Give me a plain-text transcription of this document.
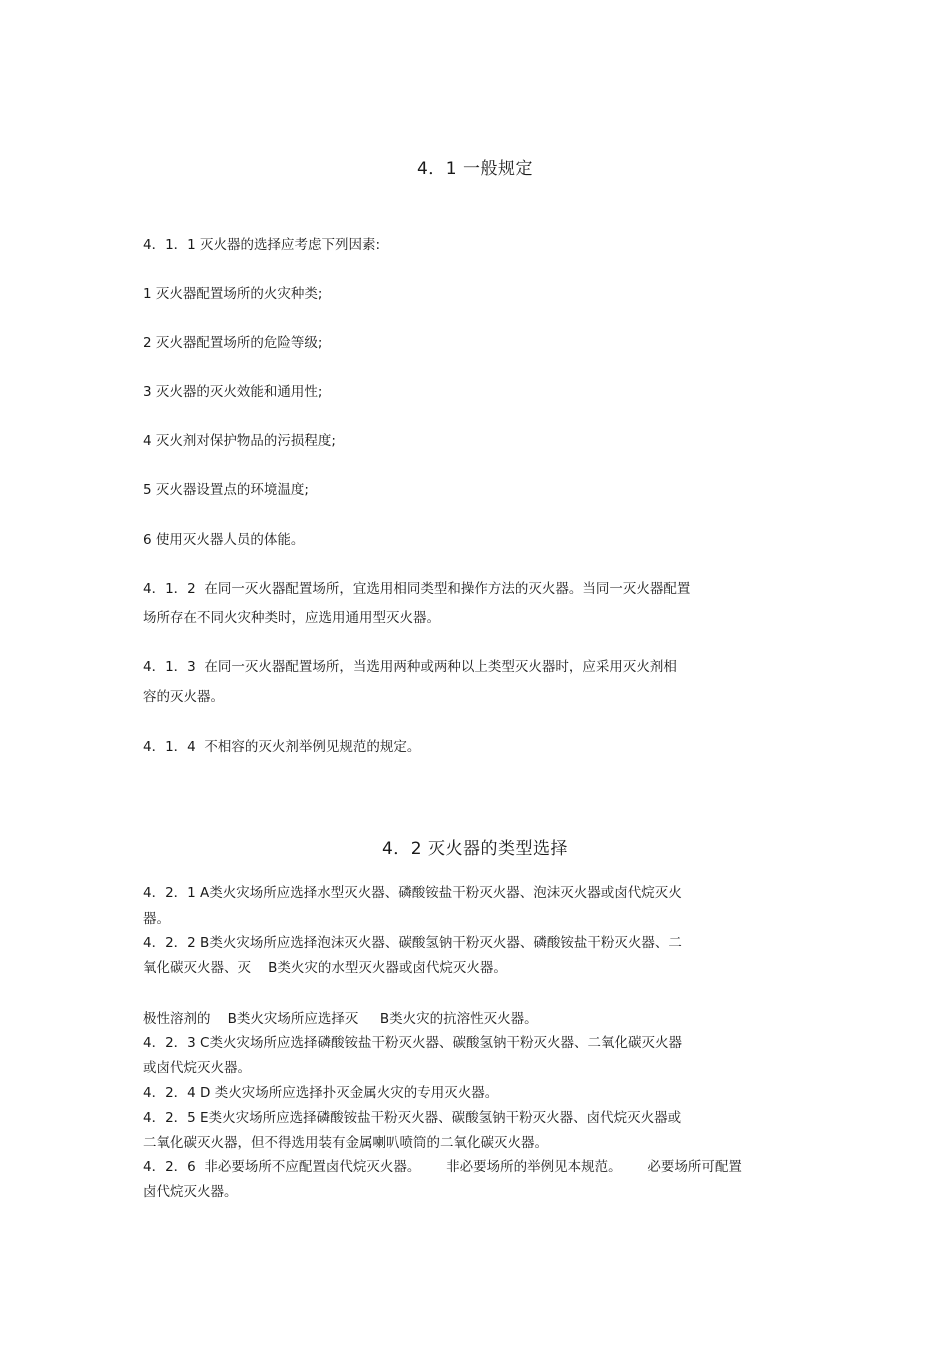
4．1 一般规定
4．1．1 灭火器的选择应考虑下列因素:
1 灭火器配置场所的火灾种类;
2 灭火器配置场所的危险等级;
3 灭火器的灭火效能和通用性;
4 灭火剂对保护物品的污损程度;
5 灭火器设置点的环境温度;
6 使用灭火器人员的体能。
4．1．2  在同一灭火器配置场所，宜选用相同类型和操作方法的灭火器。当同一灭火器配置
场所存在不同火灾种类时，应选用通用型灭火器。
4．1．3  在同一灭火器配置场所，当选用两种或两种以上类型灭火器时，应采用灭火剂相
容的灭火器。
4．1．4  不相容的灭火剂举例见规范的规定。
4．2 灭火器的类型选择
4．2．1 A类火灾场所应选择水型灭火器、磷酸铵盐干粉灭火器、泡沫灭火器或卤代烷灭火
器。
4．2．2 B类火灾场所应选择泡沫灭火器、碳酸氢钠干粉灭火器、磷酸铵盐干粉灭火器、二
氧化碳灭火器、灭    B类火灾的水型灭火器或卤代烷灭火器。
极性溶剂的    B类火灾场所应选择灭     B类火灾的抗溶性灭火器。
4．2．3 C类火灾场所应选择磷酸铵盐干粉灭火器、碳酸氢钠干粉灭火器、二氧化碳灭火器
或卤代烷灭火器。
4．2．4 D 类火灾场所应选择扑灭金属火灾的专用灭火器。
4．2．5 E类火灾场所应选择磷酸铵盐干粉灭火器、碳酸氢钠干粉灭火器、卤代烷灭火器或
二氧化碳灭火器，但不得选用装有金属喇叭喷筒的二氧化碳灭火器。
4．2．6  非必要场所不应配置卤代烷灭火器。      非必要场所的举例见本规范。      必要场所可配置
卤代烷灭火器。
